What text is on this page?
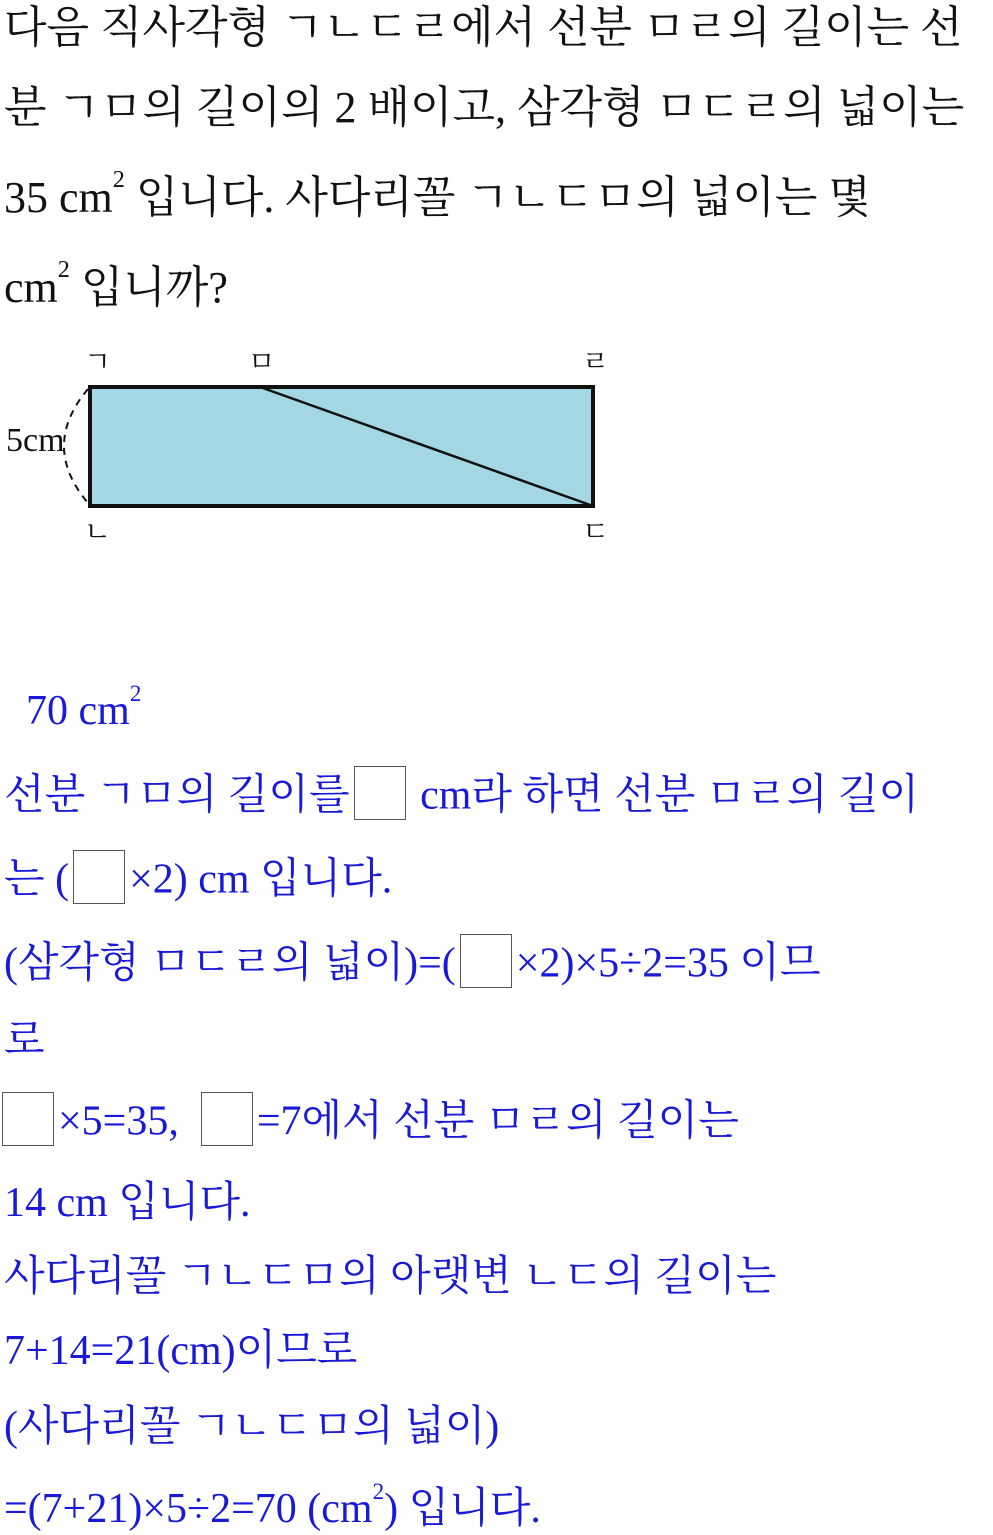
다음 직사각형 ㄱㄴㄷㄹ에서 선분 ㅁㄹ의 길이는 선
분 ㄱㅁ의 길이의 2 배이고, 삼각형 ㅁㄷㄹ의 넓이는
35 $cm^2$ 입니다. 사다리꼴 ㄱㄴㄷㅁ의 넓이는 몇
$cm^2$ 입니까?
ㄱ	ㅁ	ㄹ
ㄴ	ㄷ
5cm
70 $cm^2$
선분 ㄱㅁ의 길이를 cm라 하면 선분 ㅁㄹ의 길이
는 ( ×2) cm 입니다.
(삼각형 ㅁㄷㄹ의 넓이)=( ×2)×5÷2=35 이므
로
×5=35, =7에서 선분 ㅁㄹ의 길이는
14 cm 입니다.
사다리꼴 ㄱㄴㄷㅁ의 아랫변 ㄴㄷ의 길이는
7+14=21(cm)이므로
(사다리꼴 ㄱㄴㄷㅁ의 넓이)
=(7+21)×5÷2=70 $(cm^2)$ 입니다.
